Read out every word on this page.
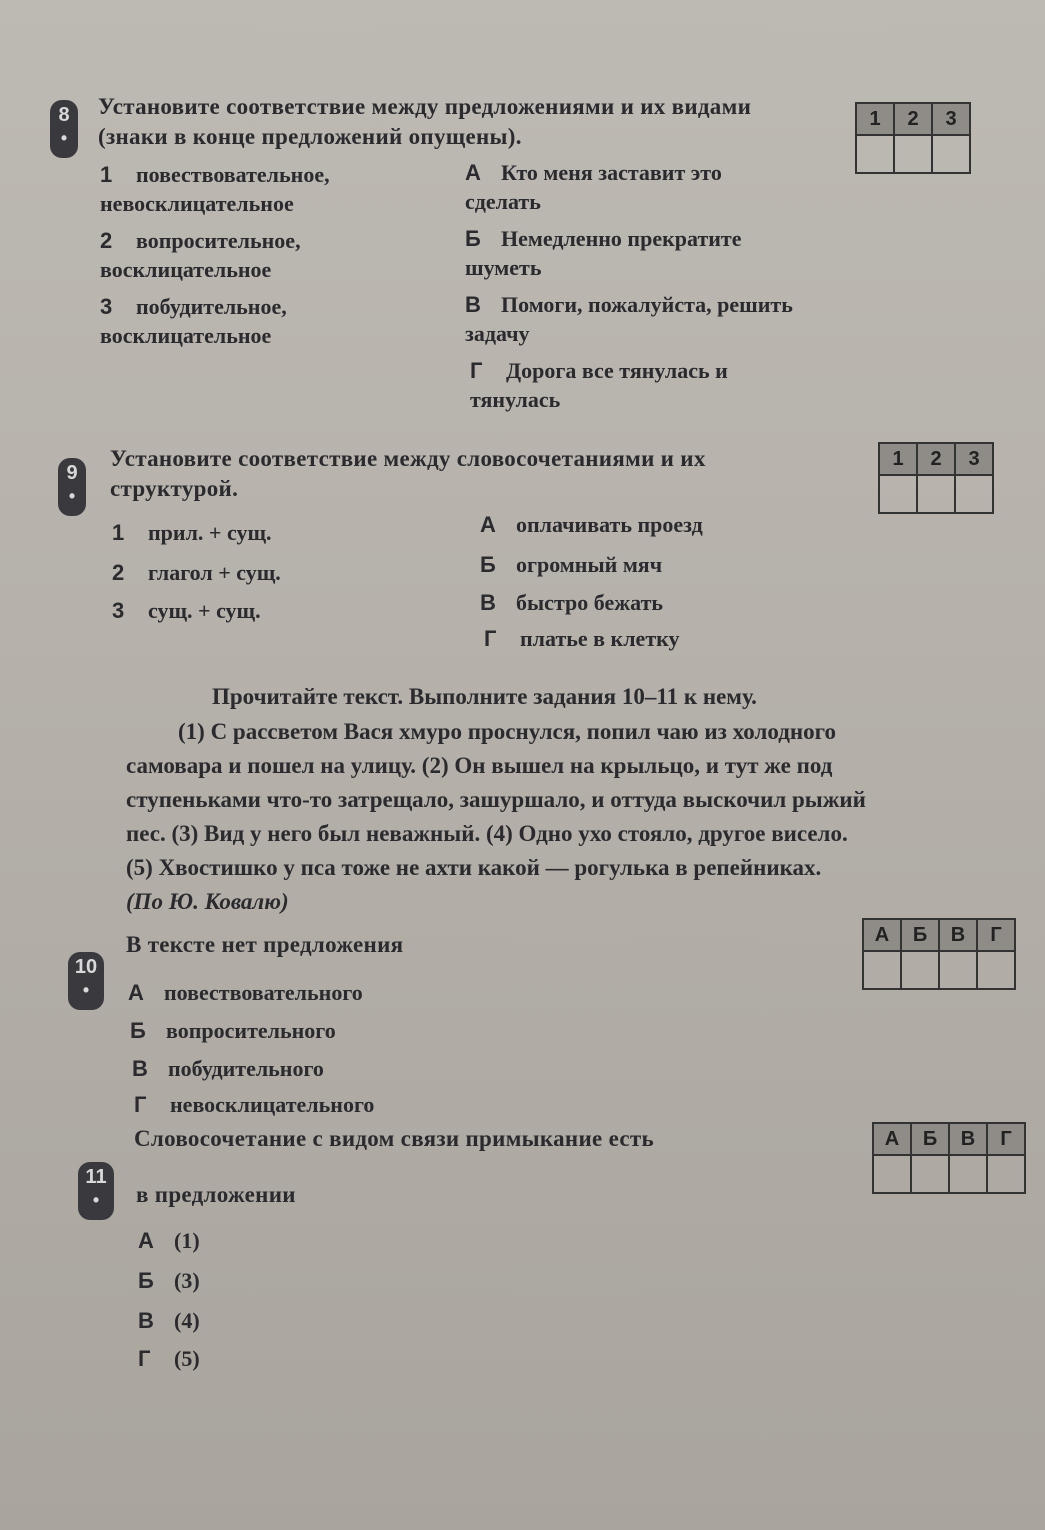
8
•
Установите соответствие между предложениями и их видами (знаки в конце предложений опущены).
1 повествовательное, невосклицательное
2 вопросительное, восклицательное
3 побудительное, восклицательное
А Кто меня заставит это сделать
Б Немедленно прекратите шуметь
В Помоги, пожалуйста, решить задачу
Г Дорога все тянулась и тянулась
1	2	3

9
•
Установите соответствие между словосочетаниями и их структурой.
1 прил. + сущ.
2 глагол + сущ.
3 сущ. + сущ.
А оплачивать проезд
Б огромный мяч
В быстро бежать
Г платье в клетку
1	2	3

Прочитайте текст. Выполните задания 10–11 к нему.
(1) С рассветом Вася хмуро проснулся, попил чаю из холодного
самовара и пошел на улицу. (2) Он вышел на крыльцо, и тут же под
ступеньками что-то затрещало, зашуршало, и оттуда выскочил рыжий
пес. (3) Вид у него был неважный. (4) Одно ухо стояло, другое висело.
(5) Хвостишко у пса тоже не ахти какой — рогулька в репейниках.
(По Ю. Ковалю)
10
•
В тексте нет предложения
А повествовательного
Б вопросительного
В побудительного
Г невосклицательного
А	Б	В	Г

11
•
Словосочетание с видом связи примыкание есть
в предложении
А (1)
Б (3)
В (4)
Г (5)
А	Б	В	Г
